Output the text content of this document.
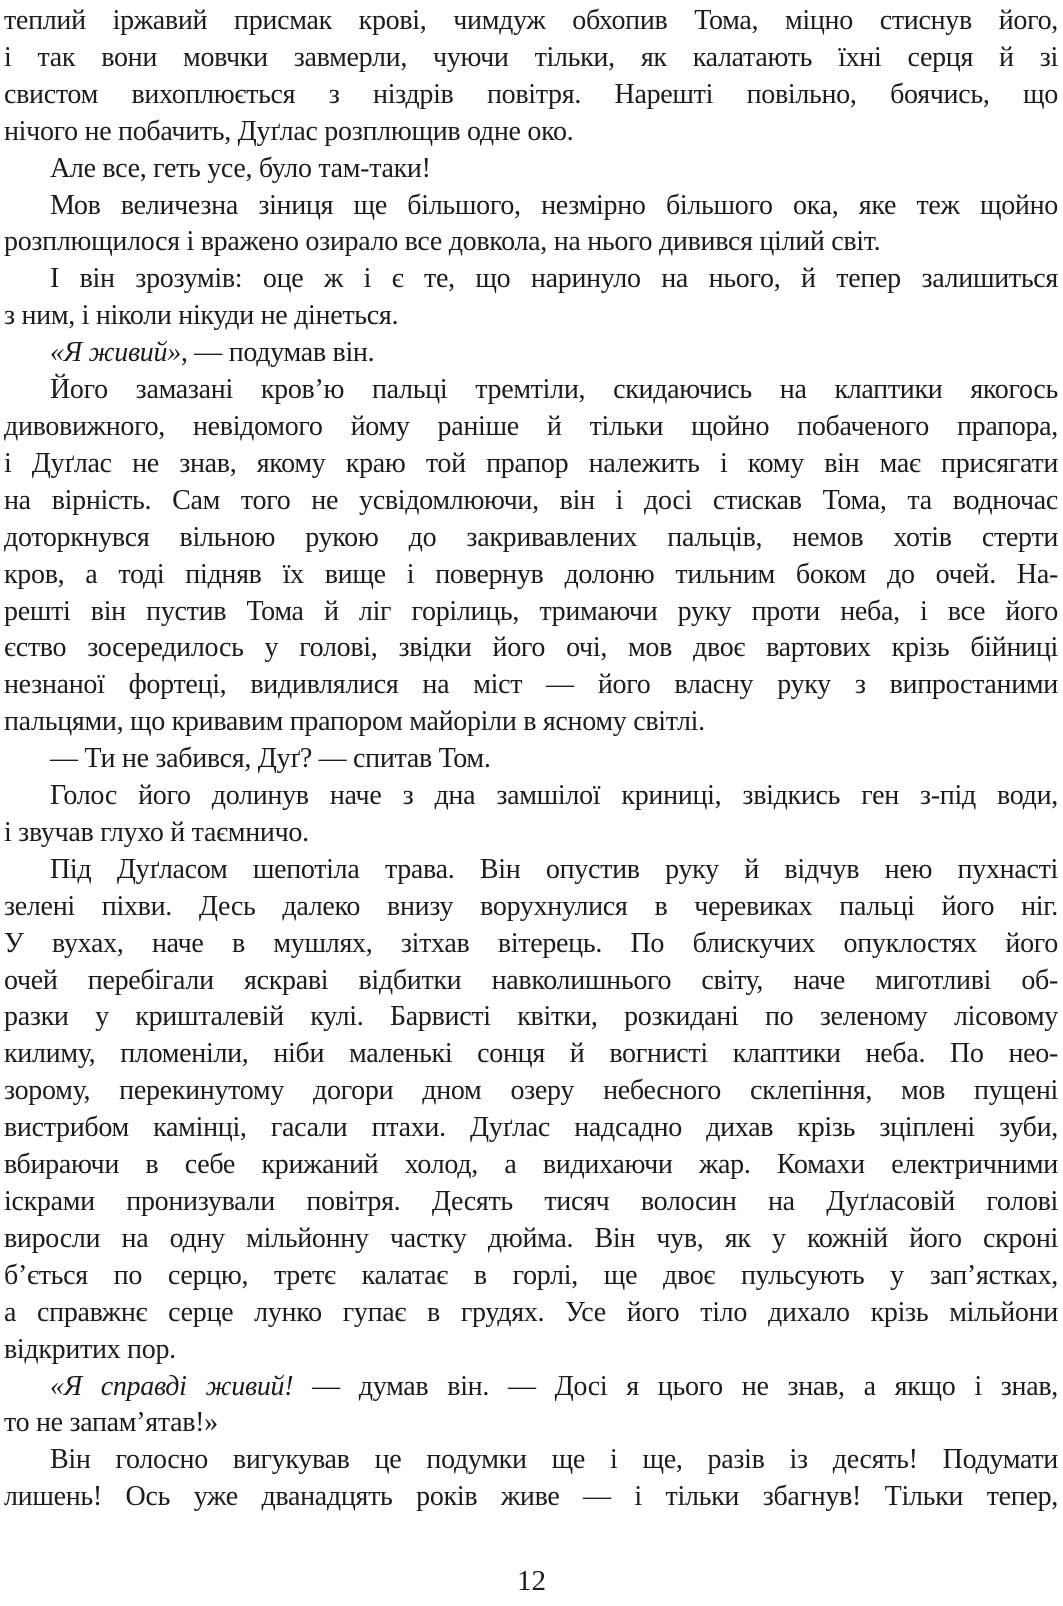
теплий іржавий присмак крові, чимдуж обхопив Тома, міцно стиснув його,
і так вони мовчки завмерли, чуючи тільки, як калатають їхні серця й зі
свистом вихоплюється з ніздрів повітря. Нарешті повільно, боячись, що
нічого не побачить, Дуґлас розплющив одне око.
Але все, геть усе, було там-таки!
Мов величезна зіниця ще більшого, незмірно більшого ока, яке теж щойно
розплющилося і вражено озирало все довкола, на нього дивився цілий світ.
І він зрозумів: оце ж і є те, що наринуло на нього, й тепер залишиться
з ним, і ніколи нікуди не дінеться.
«Я живий», — подумав він.
Його замазані кров’ю пальці тремтіли, скидаючись на клаптики якогось
дивовижного, невідомого йому раніше й тільки щойно побаченого прапора,
і Дуґлас не знав, якому краю той прапор належить і кому він має присягати
на вірність. Сам того не усвідомлюючи, він і досі стискав Тома, та водночас
доторкнувся вільною рукою до закривавлених пальців, немов хотів стерти
кров, а тоді підняв їх вище і повернув долоню тильним боком до очей. На-
решті він пустив Тома й ліг горілиць, тримаючи руку проти неба, і все його
єство зосередилось у голові, звідки його очі, мов двоє вартових крізь бійниці
незнаної фортеці, видивлялися на міст — його власну руку з випростаними
пальцями, що кривавим прапором майоріли в ясному світлі.
— Ти не забився, Дуґ? — спитав Том.
Голос його долинув наче з дна замшілої криниці, звідкись ген з-під води,
і звучав глухо й таємничо.
Під Дуґласом шепотіла трава. Він опустив руку й відчув нею пухнасті
зелені піхви. Десь далеко внизу ворухнулися в черевиках пальці його ніг.
У вухах, наче в мушлях, зітхав вітерець. По блискучих опуклостях його
очей перебігали яскраві відбитки навколишнього світу, наче миготливі об-
разки у кришталевій кулі. Барвисті квітки, розкидані по зеленому лісовому
килиму, пломеніли, ніби маленькі сонця й вогнисті клаптики неба. По нео-
зорому, перекинутому догори дном озеру небесного склепіння, мов пущені
вистрибом камінці, гасали птахи. Дуґлас надсадно дихав крізь зціплені зуби,
вбираючи в себе крижаний холод, а видихаючи жар. Комахи електричними
іскрами пронизували повітря. Десять тисяч волосин на Дуґласовій голові
виросли на одну мільйонну частку дюйма. Він чув, як у кожній його скроні
б’ється по серцю, третє калатає в горлі, ще двоє пульсують у зап’ястках,
а справжнє серце лунко гупає в грудях. Усе його тіло дихало крізь мільйони
відкритих пор.
«Я справді живий! — думав він. — Досі я цього не знав, а якщо і знав,
то не запам’ятав!»
Він голосно вигукував це подумки ще і ще, разів із десять! Подумати
лишень! Ось уже дванадцять років живе — і тільки збагнув! Тільки тепер,
12
